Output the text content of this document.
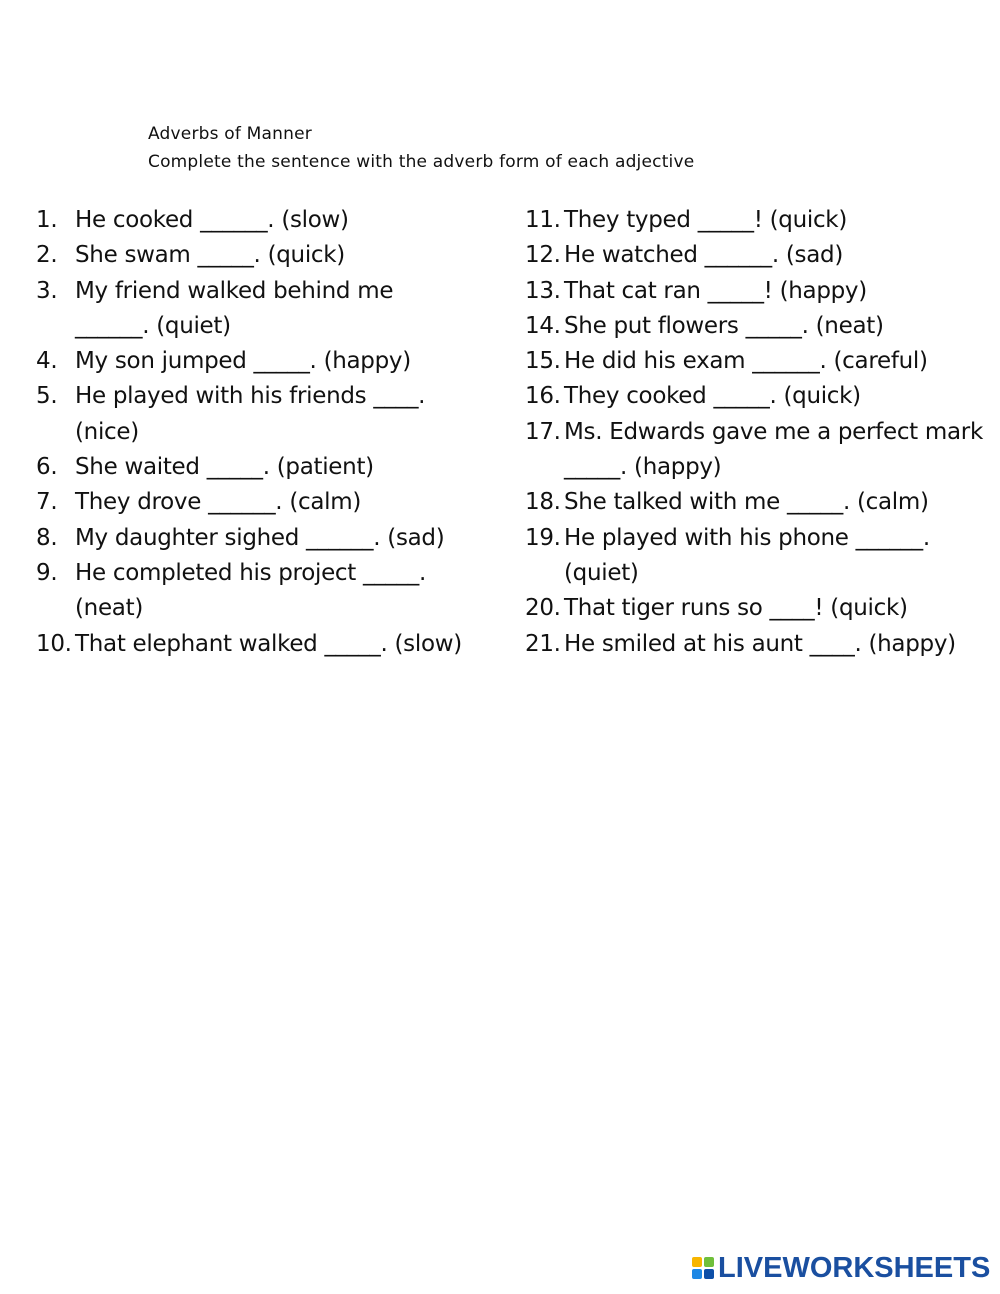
Adverbs of Manner
Complete the sentence with the adverb form of each adjective
1. He cooked ______. (slow)
2. She swam _____. (quick)
3. My friend walked behind me
______. (quiet)
4. My son jumped _____. (happy)
5. He played with his friends ____.
(nice)
6. She waited _____. (patient)
7. They drove ______. (calm)
8. My daughter sighed ______. (sad)
9. He completed his project _____.
(neat)
10. That elephant walked _____. (slow)
11. They typed _____! (quick)
12. He watched ______. (sad)
13. That cat ran _____! (happy)
14. She put flowers _____. (neat)
15. He did his exam ______. (careful)
16. They cooked _____. (quick)
17. Ms. Edwards gave me a perfect mark
_____. (happy)
18. She talked with me _____. (calm)
19. He played with his phone ______.
(quiet)
20. That tiger runs so ____! (quick)
21. He smiled at his aunt ____. (happy)
LIVEWORKSHEETS
